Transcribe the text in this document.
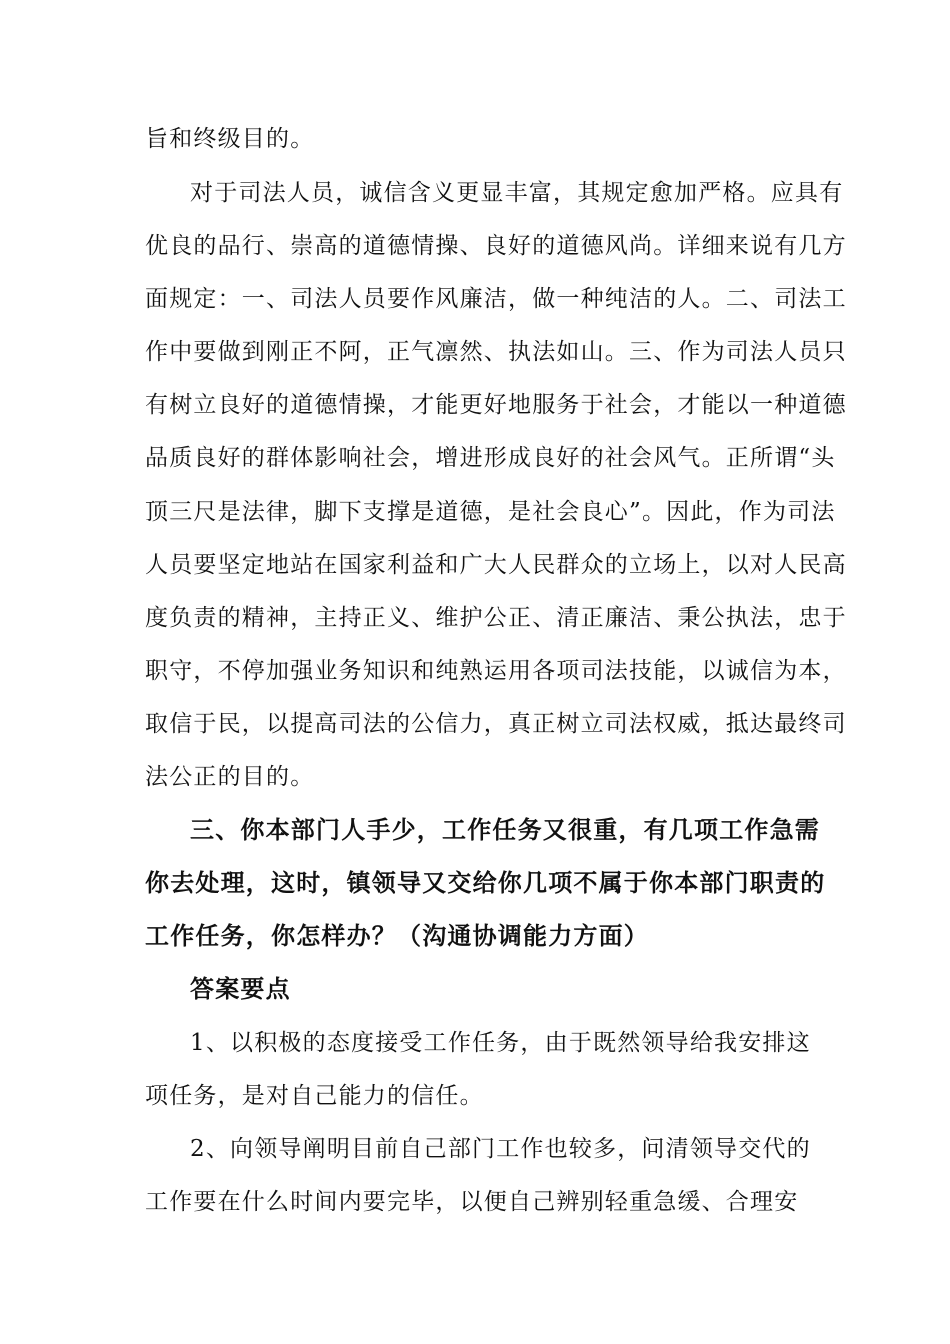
旨和终级目的。
对于司法人员，诚信含义更显丰富，其规定愈加严格。应具有
优良的品行、崇高的道德情操、良好的道德风尚。详细来说有几方
面规定：一、司法人员要作风廉洁，做一种纯洁的人。二、司法工
作中要做到刚正不阿，正气凛然、执法如山。三、作为司法人员只
有树立良好的道德情操，才能更好地服务于社会，才能以一种道德
品质良好的群体影响社会，增进形成良好的社会风气。正所谓“头
顶三尺是法律，脚下支撑是道德，是社会良心”。因此，作为司法
人员要坚定地站在国家利益和广大人民群众的立场上，以对人民高
度负责的精神，主持正义、维护公正、清正廉洁、秉公执法，忠于
职守，不停加强业务知识和纯熟运用各项司法技能，以诚信为本，
取信于民，以提高司法的公信力，真正树立司法权威，抵达最终司
法公正的目的。
三、你本部门人手少，工作任务又很重，有几项工作急需
你去处理，这时，镇领导又交给你几项不属于你本部门职责的
工作任务，你怎样办？（沟通协调能力方面）
答案要点
1、以积极的态度接受工作任务，由于既然领导给我安排这
项任务，是对自己能力的信任。
2、向领导阐明目前自己部门工作也较多，问清领导交代的
工作要在什么时间内要完毕，以便自己辨别轻重急缓、合理安
